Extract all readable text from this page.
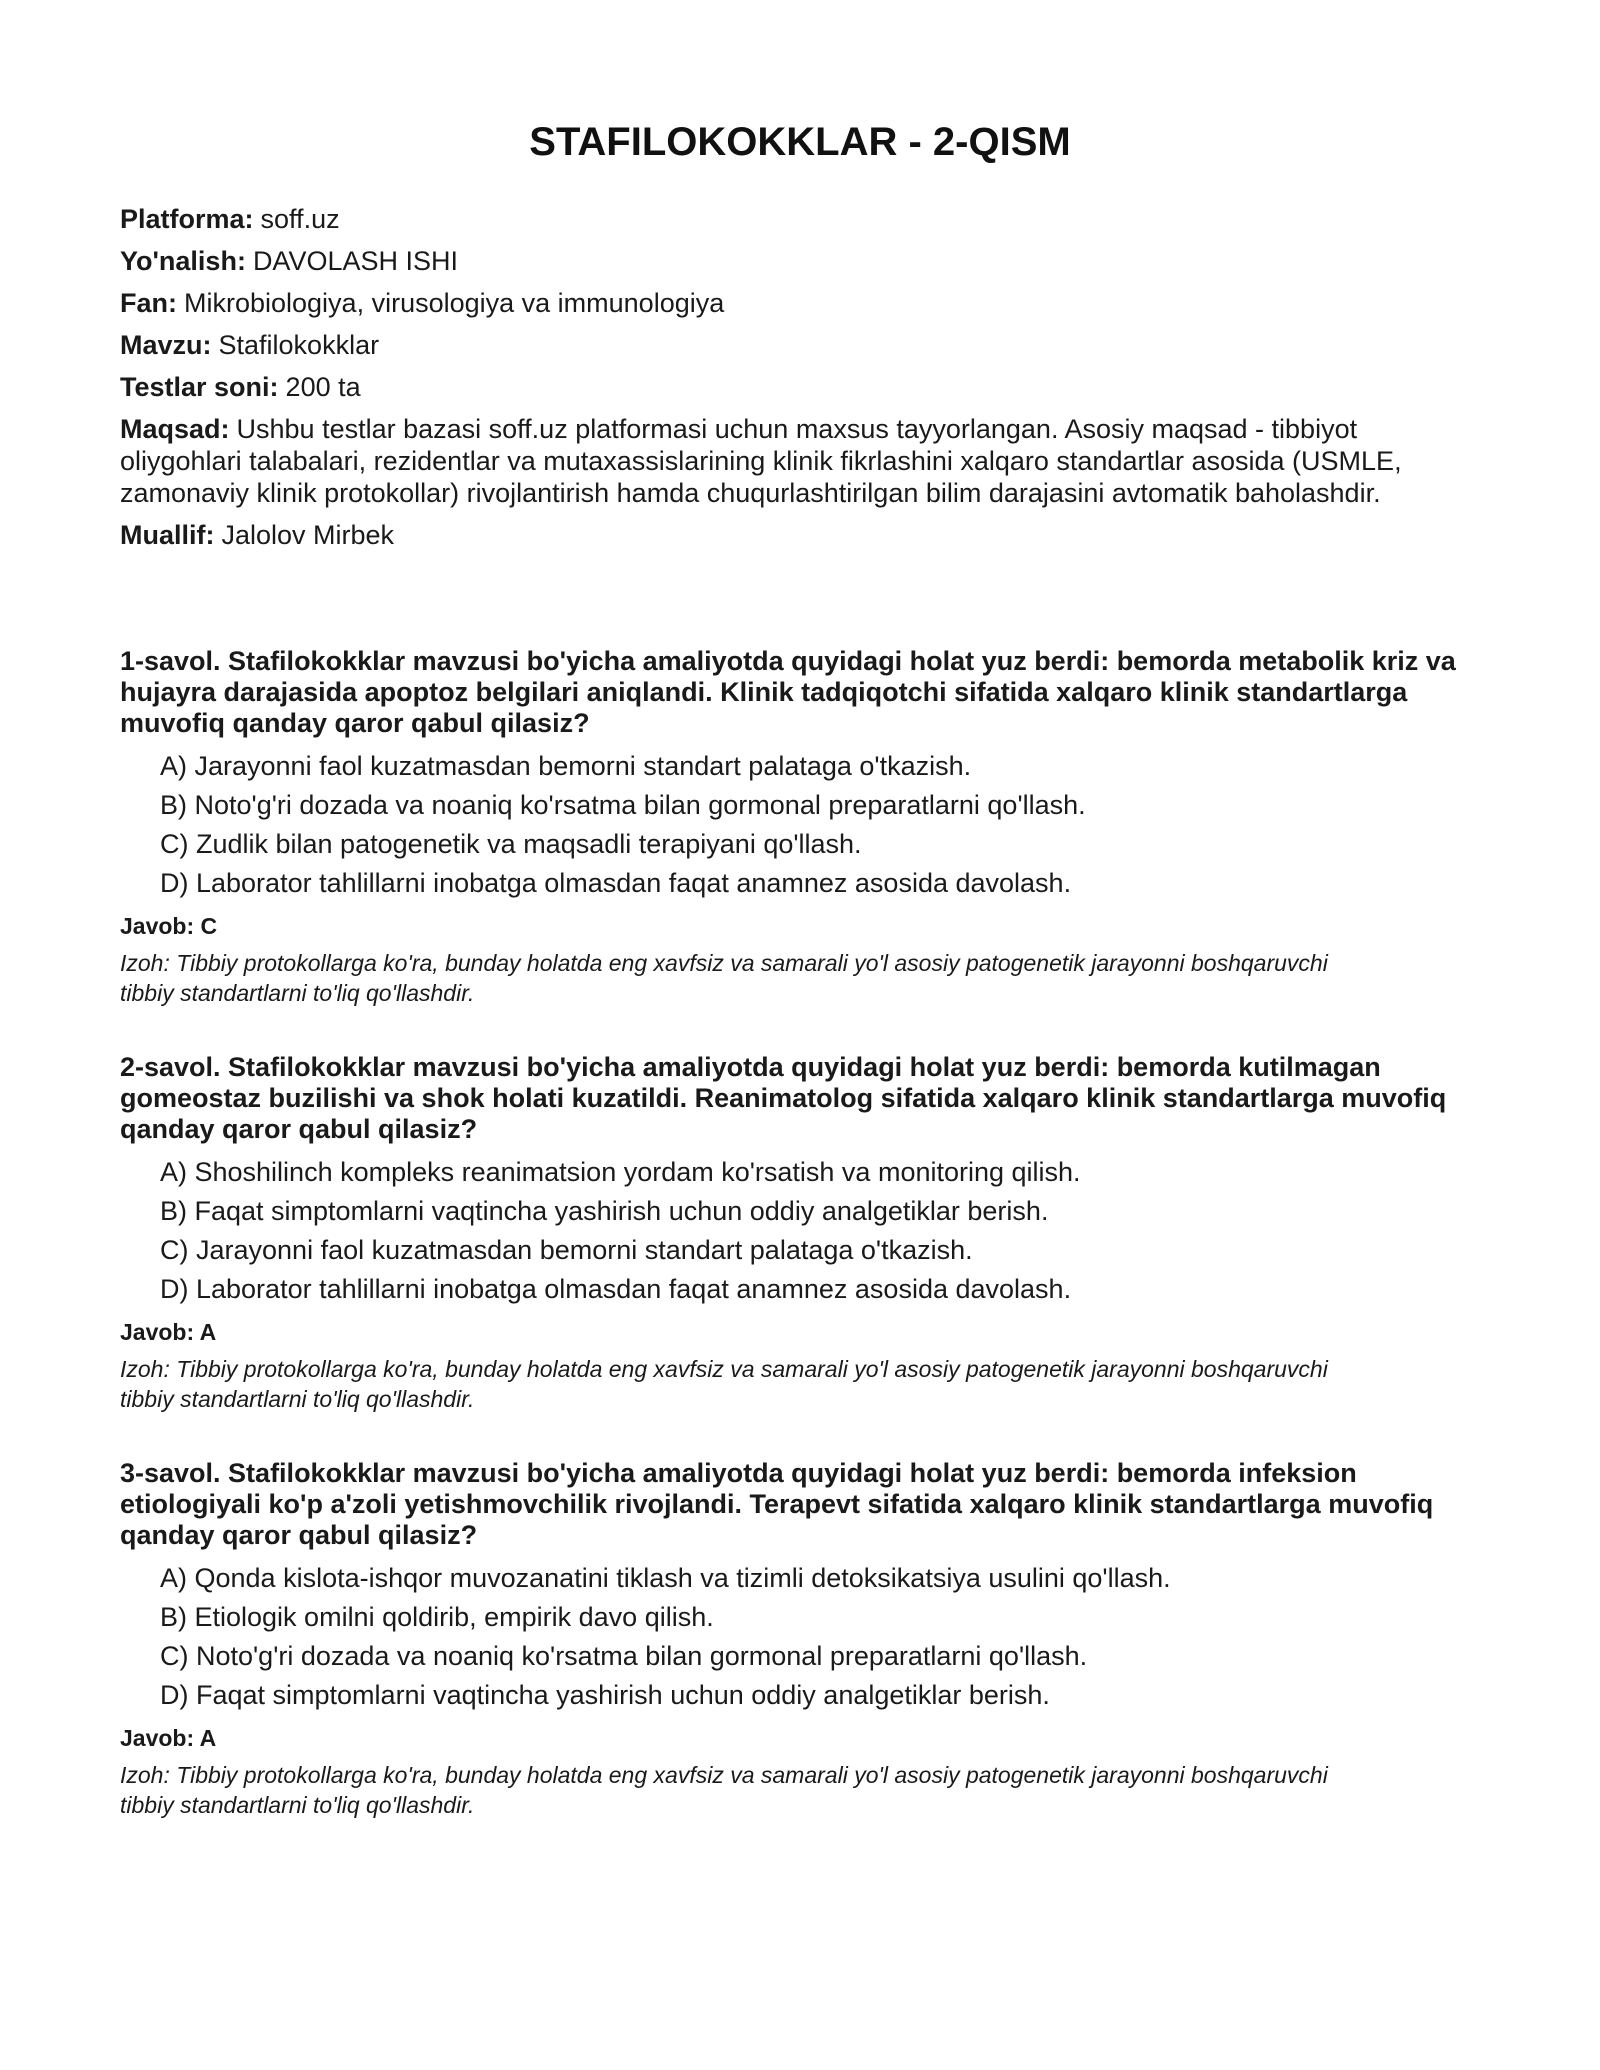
STAFILOKOKKLAR - 2-QISM

Platforma: soff.uz

Yo'nalish: DAVOLASH ISHI

Fan: Mikrobiologiya, virusologiya va immunologiya

Mavzu: Stafilokokklar

Testlar soni: 200 ta

Maqsad: Ushbu testlar bazasi soff.uz platformasi uchun maxsus tayyorlangan. Asosiy maqsad - tibbiyot oliygohlari talabalari, rezidentlar va mutaxassislarining klinik fikrlashini xalqaro standartlar asosida (USMLE, zamonaviy klinik protokollar) rivojlantirish hamda chuqurlashtirilgan bilim darajasini avtomatik baholashdir.

Muallif: Jalolov Mirbek

1-savol. Stafilokokklar mavzusi bo'yicha amaliyotda quyidagi holat yuz berdi: bemorda metabolik kriz va hujayra darajasida apoptoz belgilari aniqlandi. Klinik tadqiqotchi sifatida xalqaro klinik standartlarga muvofiq qanday qaror qabul qilasiz?

A) Jarayonni faol kuzatmasdan bemorni standart palataga o'tkazish.
B) Noto'g'ri dozada va noaniq ko'rsatma bilan gormonal preparatlarni qo'llash.
C) Zudlik bilan patogenetik va maqsadli terapiyani qo'llash.
D) Laborator tahlillarni inobatga olmasdan faqat anamnez asosida davolash.

Javob: C

Izoh: Tibbiy protokollarga ko'ra, bunday holatda eng xavfsiz va samarali yo'l asosiy patogenetik jarayonni boshqaruvchi tibbiy standartlarni to'liq qo'llashdir.

2-savol. Stafilokokklar mavzusi bo'yicha amaliyotda quyidagi holat yuz berdi: bemorda kutilmagan gomeostaz buzilishi va shok holati kuzatildi. Reanimatolog sifatida xalqaro klinik standartlarga muvofiq qanday qaror qabul qilasiz?

A) Shoshilinch kompleks reanimatsion yordam ko'rsatish va monitoring qilish.
B) Faqat simptomlarni vaqtincha yashirish uchun oddiy analgetiklar berish.
C) Jarayonni faol kuzatmasdan bemorni standart palataga o'tkazish.
D) Laborator tahlillarni inobatga olmasdan faqat anamnez asosida davolash.

Javob: A

Izoh: Tibbiy protokollarga ko'ra, bunday holatda eng xavfsiz va samarali yo'l asosiy patogenetik jarayonni boshqaruvchi tibbiy standartlarni to'liq qo'llashdir.

3-savol. Stafilokokklar mavzusi bo'yicha amaliyotda quyidagi holat yuz berdi: bemorda infeksion etiologiyali ko'p a'zoli yetishmovchilik rivojlandi. Terapevt sifatida xalqaro klinik standartlarga muvofiq qanday qaror qabul qilasiz?

A) Qonda kislota-ishqor muvozanatini tiklash va tizimli detoksikatsiya usulini qo'llash.
B) Etiologik omilni qoldirib, empirik davo qilish.
C) Noto'g'ri dozada va noaniq ko'rsatma bilan gormonal preparatlarni qo'llash.
D) Faqat simptomlarni vaqtincha yashirish uchun oddiy analgetiklar berish.

Javob: A

Izoh: Tibbiy protokollarga ko'ra, bunday holatda eng xavfsiz va samarali yo'l asosiy patogenetik jarayonni boshqaruvchi tibbiy standartlarni to'liq qo'llashdir.
